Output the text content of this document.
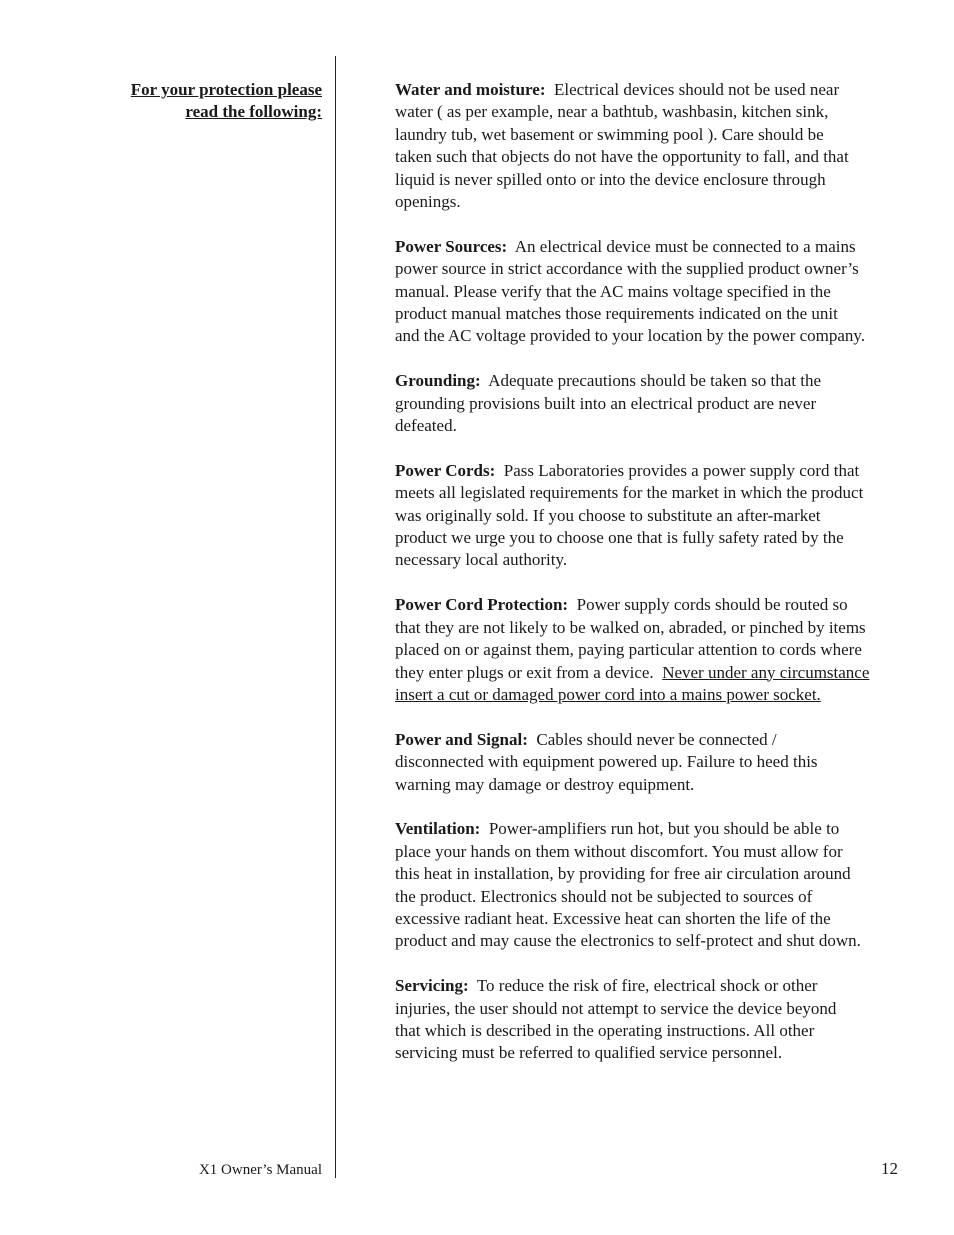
For your protection please
read the following:

Water and moisture: Electrical devices should not be used near
water ( as per example, near a bathtub, washbasin, kitchen sink,
laundry tub, wet basement or swimming pool ). Care should be
taken such that objects do not have the opportunity to fall, and that
liquid is never spilled onto or into the device enclosure through
openings.

Power Sources: An electrical device must be connected to a mains
power source in strict accordance with the supplied product owner’s
manual. Please verify that the AC mains voltage specified in the
product manual matches those requirements indicated on the unit
and the AC voltage provided to your location by the power company.

Grounding: Adequate precautions should be taken so that the
grounding provisions built into an electrical product are never
defeated.

Power Cords: Pass Laboratories provides a power supply cord that
meets all legislated requirements for the market in which the product
was originally sold. If you choose to substitute an after-market
product we urge you to choose one that is fully safety rated by the
necessary local authority.

Power Cord Protection: Power supply cords should be routed so
that they are not likely to be walked on, abraded, or pinched by items
placed on or against them, paying particular attention to cords where
they enter plugs or exit from a device. Never under any circumstance
insert a cut or damaged power cord into a mains power socket.

Power and Signal: Cables should never be connected /
disconnected with equipment powered up. Failure to heed this
warning may damage or destroy equipment.

Ventilation: Power-amplifiers run hot, but you should be able to
place your hands on them without discomfort. You must allow for
this heat in installation, by providing for free air circulation around
the product. Electronics should not be subjected to sources of
excessive radiant heat. Excessive heat can shorten the life of the
product and may cause the electronics to self-protect and shut down.

Servicing: To reduce the risk of fire, electrical shock or other
injuries, the user should not attempt to service the device beyond
that which is described in the operating instructions. All other
servicing must be referred to qualified service personnel.

X1 Owner’s Manual	12
